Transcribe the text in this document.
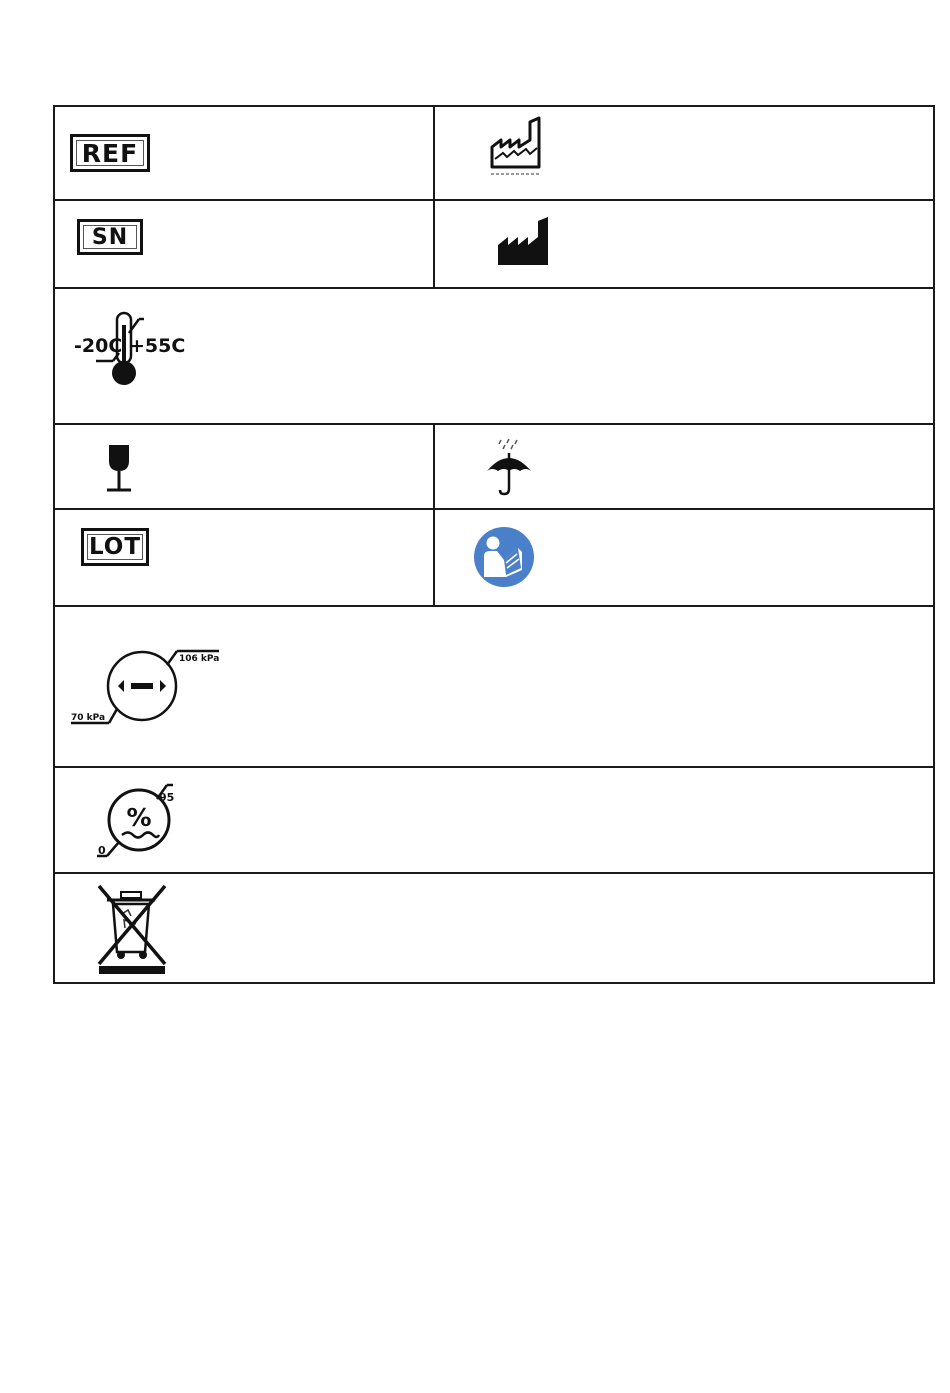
REF
SN
-20C +55C
LOT
106 kPa
70 kPa
%
95
0
